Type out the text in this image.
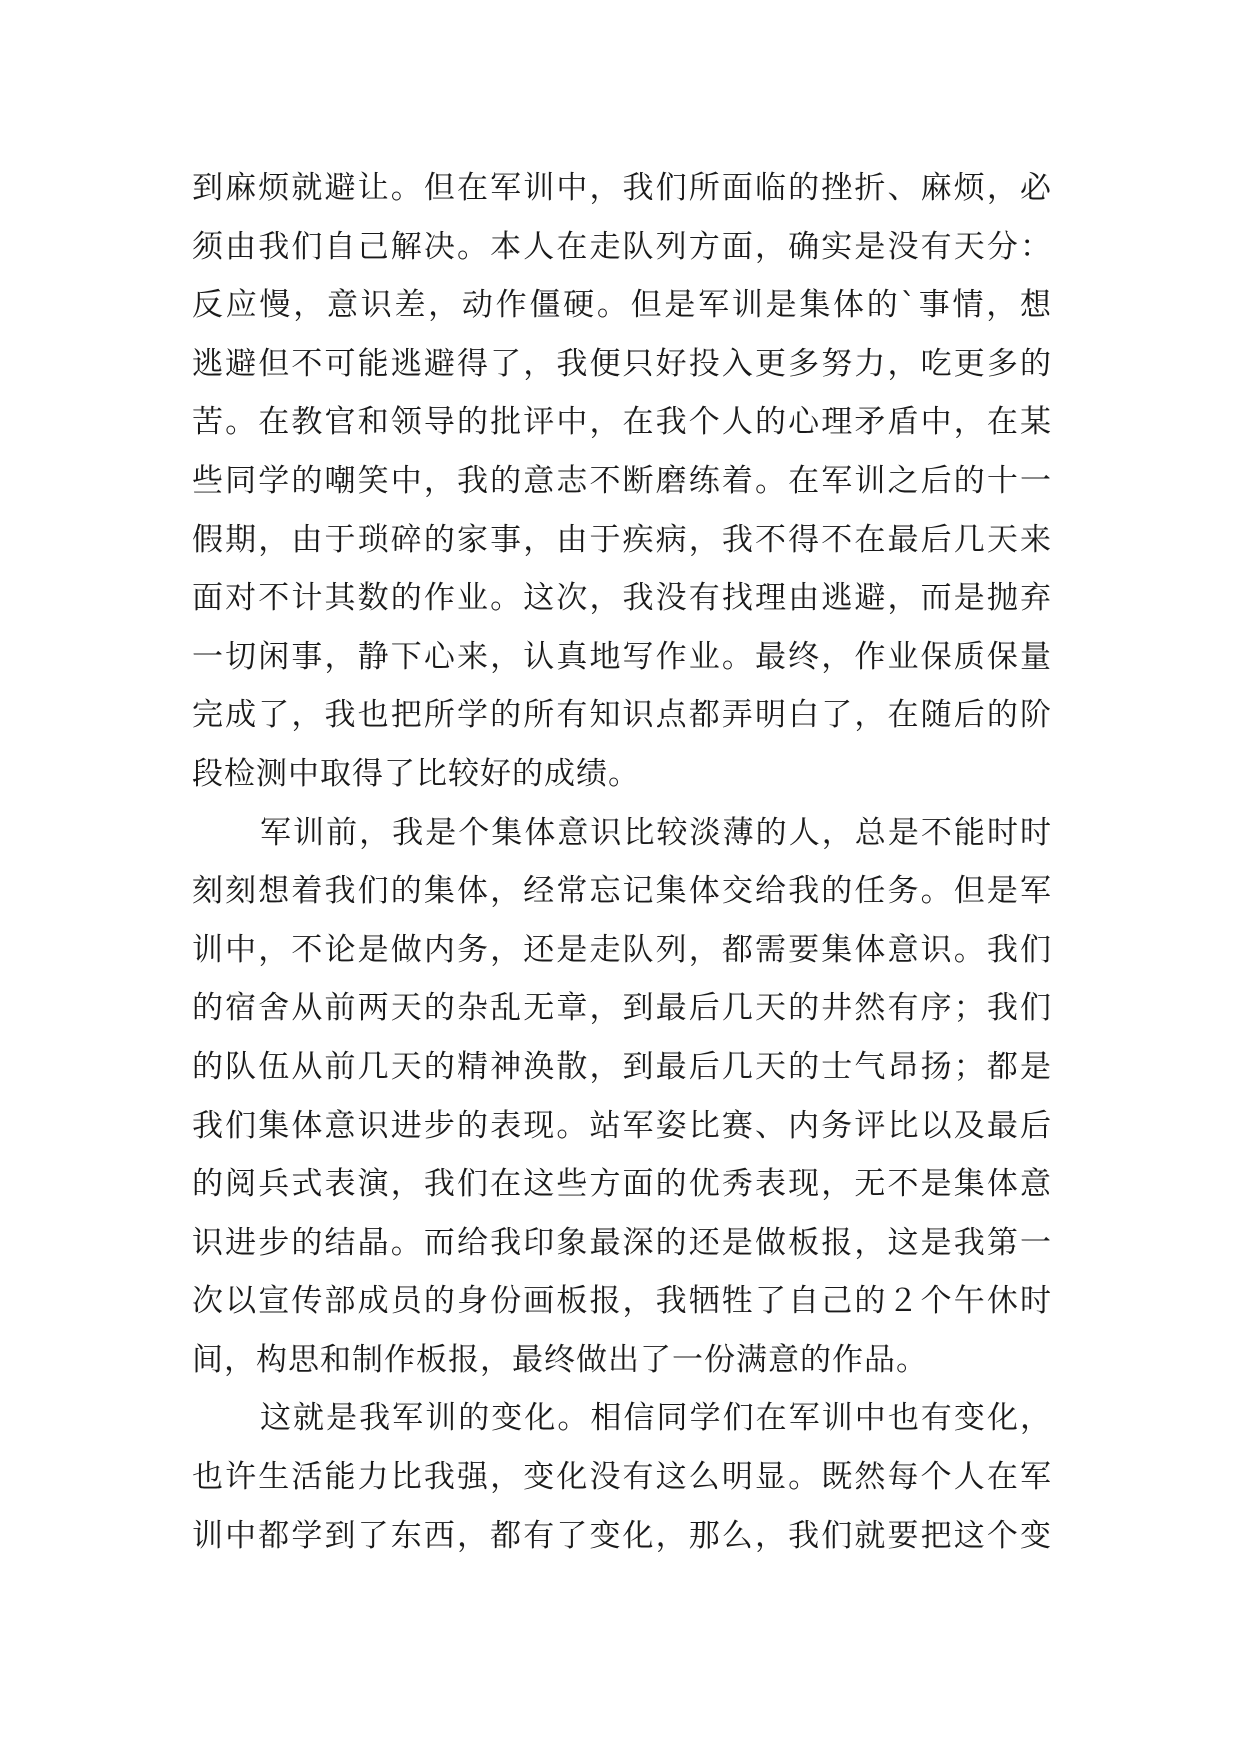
到麻烦就避让。但在军训中，我们所面临的挫折、麻烦，必
须由我们自己解决。本人在走队列方面，确实是没有天分：
反应慢，意识差，动作僵硬。但是军训是集体的`事情，想
逃避但不可能逃避得了，我便只好投入更多努力，吃更多的
苦。在教官和领导的批评中，在我个人的心理矛盾中，在某
些同学的嘲笑中，我的意志不断磨练着。在军训之后的十一
假期，由于琐碎的家事，由于疾病，我不得不在最后几天来
面对不计其数的作业。这次，我没有找理由逃避，而是抛弃
一切闲事，静下心来，认真地写作业。最终，作业保质保量
完成了，我也把所学的所有知识点都弄明白了，在随后的阶
段检测中取得了比较好的成绩。
军训前，我是个集体意识比较淡薄的人，总是不能时时
刻刻想着我们的集体，经常忘记集体交给我的任务。但是军
训中，不论是做内务，还是走队列，都需要集体意识。我们
的宿舍从前两天的杂乱无章，到最后几天的井然有序；我们
的队伍从前几天的精神涣散，到最后几天的士气昂扬；都是
我们集体意识进步的表现。站军姿比赛、内务评比以及最后
的阅兵式表演，我们在这些方面的优秀表现，无不是集体意
识进步的结晶。而给我印象最深的还是做板报，这是我第一
次以宣传部成员的身份画板报，我牺牲了自己的２个午休时
间，构思和制作板报，最终做出了一份满意的作品。
这就是我军训的变化。相信同学们在军训中也有变化，
也许生活能力比我强，变化没有这么明显。既然每个人在军
训中都学到了东西，都有了变化，那么，我们就要把这个变
